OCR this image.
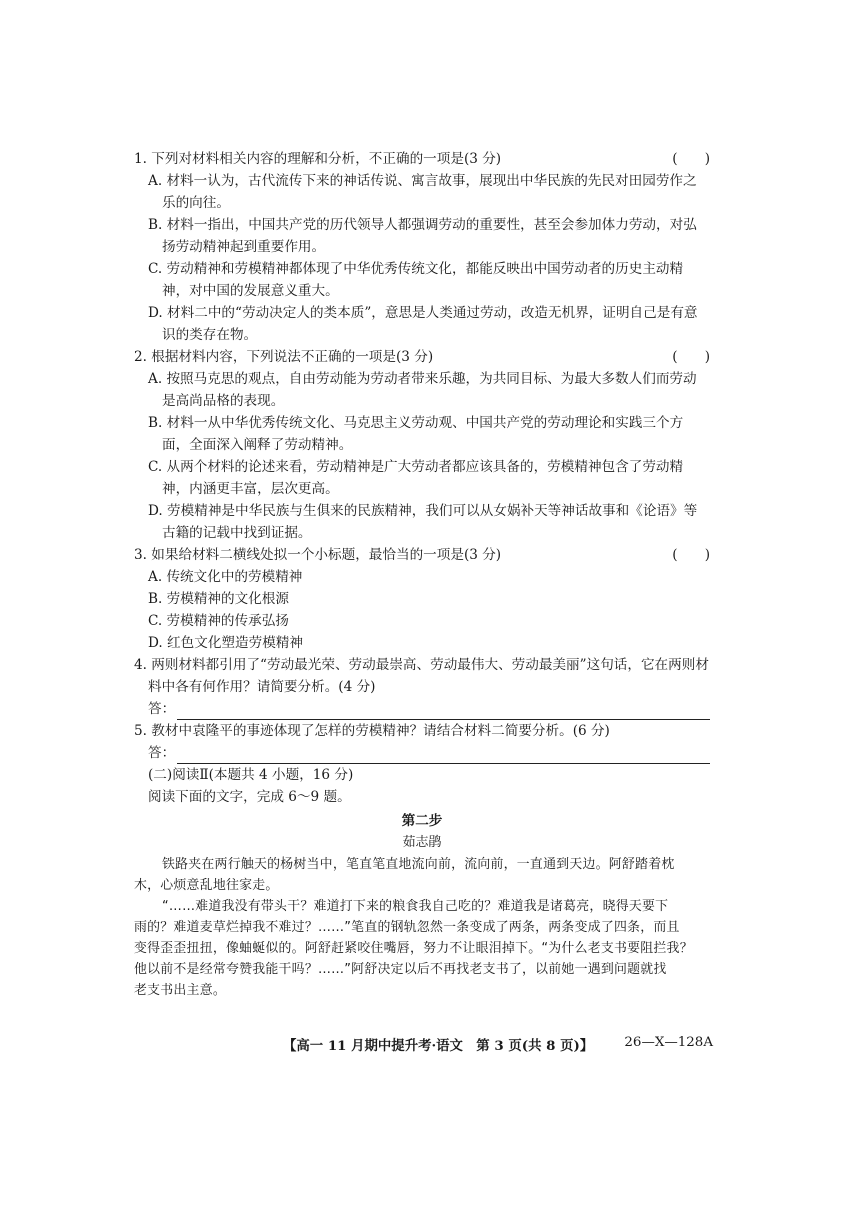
1. 下列对材料相关内容的理解和分析，不正确的一项是(3 分)	(　　)
A. 材料一认为，古代流传下来的神话传说、寓言故事，展现出中华民族的先民对田园劳作之
乐的向往。
B. 材料一指出，中国共产党的历代领导人都强调劳动的重要性，甚至会参加体力劳动，对弘
扬劳动精神起到重要作用。
C. 劳动精神和劳模精神都体现了中华优秀传统文化，都能反映出中国劳动者的历史主动精
神，对中国的发展意义重大。
D. 材料二中的“劳动决定人的类本质”，意思是人类通过劳动，改造无机界，证明自己是有意
识的类存在物。
2. 根据材料内容，下列说法不正确的一项是(3 分)	(　　)
A. 按照马克思的观点，自由劳动能为劳动者带来乐趣，为共同目标、为最大多数人们而劳动
是高尚品格的表现。
B. 材料一从中华优秀传统文化、马克思主义劳动观、中国共产党的劳动理论和实践三个方
面，全面深入阐释了劳动精神。
C. 从两个材料的论述来看，劳动精神是广大劳动者都应该具备的，劳模精神包含了劳动精
神，内涵更丰富，层次更高。
D. 劳模精神是中华民族与生俱来的民族精神，我们可以从女娲补天等神话故事和《论语》等
古籍的记载中找到证据。
3. 如果给材料二横线处拟一个小标题，最恰当的一项是(3 分)	(　　)
A. 传统文化中的劳模精神
B. 劳模精神的文化根源
C. 劳模精神的传承弘扬
D. 红色文化塑造劳模精神
4. 两则材料都引用了“劳动最光荣、劳动最崇高、劳动最伟大、劳动最美丽”这句话，它在两则材
料中各有何作用？请简要分析。(4 分)
答：
5. 教材中袁隆平的事迹体现了怎样的劳模精神？请结合材料二简要分析。(6 分)
答：
(二)阅读Ⅱ(本题共 4 小题，16 分)
阅读下面的文字，完成 6～9 题。
第二步
茹志鹃

铁路夹在两行触天的杨树当中，笔直笔直地流向前，流向前，一直通到天边。阿舒踏着枕
木，心烦意乱地往家走。

“……难道我没有带头干？难道打下来的粮食我自己吃的？难道我是诸葛亮，晓得天要下
雨的？难道麦草烂掉我不难过？……”笔直的钢轨忽然一条变成了两条，两条变成了四条，而且
变得歪歪扭扭，像蚰蜒似的。阿舒赶紧咬住嘴唇，努力不让眼泪掉下。“为什么老支书要阻拦我？
他以前不是经常夸赞我能干吗？……”阿舒决定以后不再找老支书了，以前她一遇到问题就找
老支书出主意。

【高一 11 月期中提升考·语文　第 3 页(共 8 页)】 26—X—128A
